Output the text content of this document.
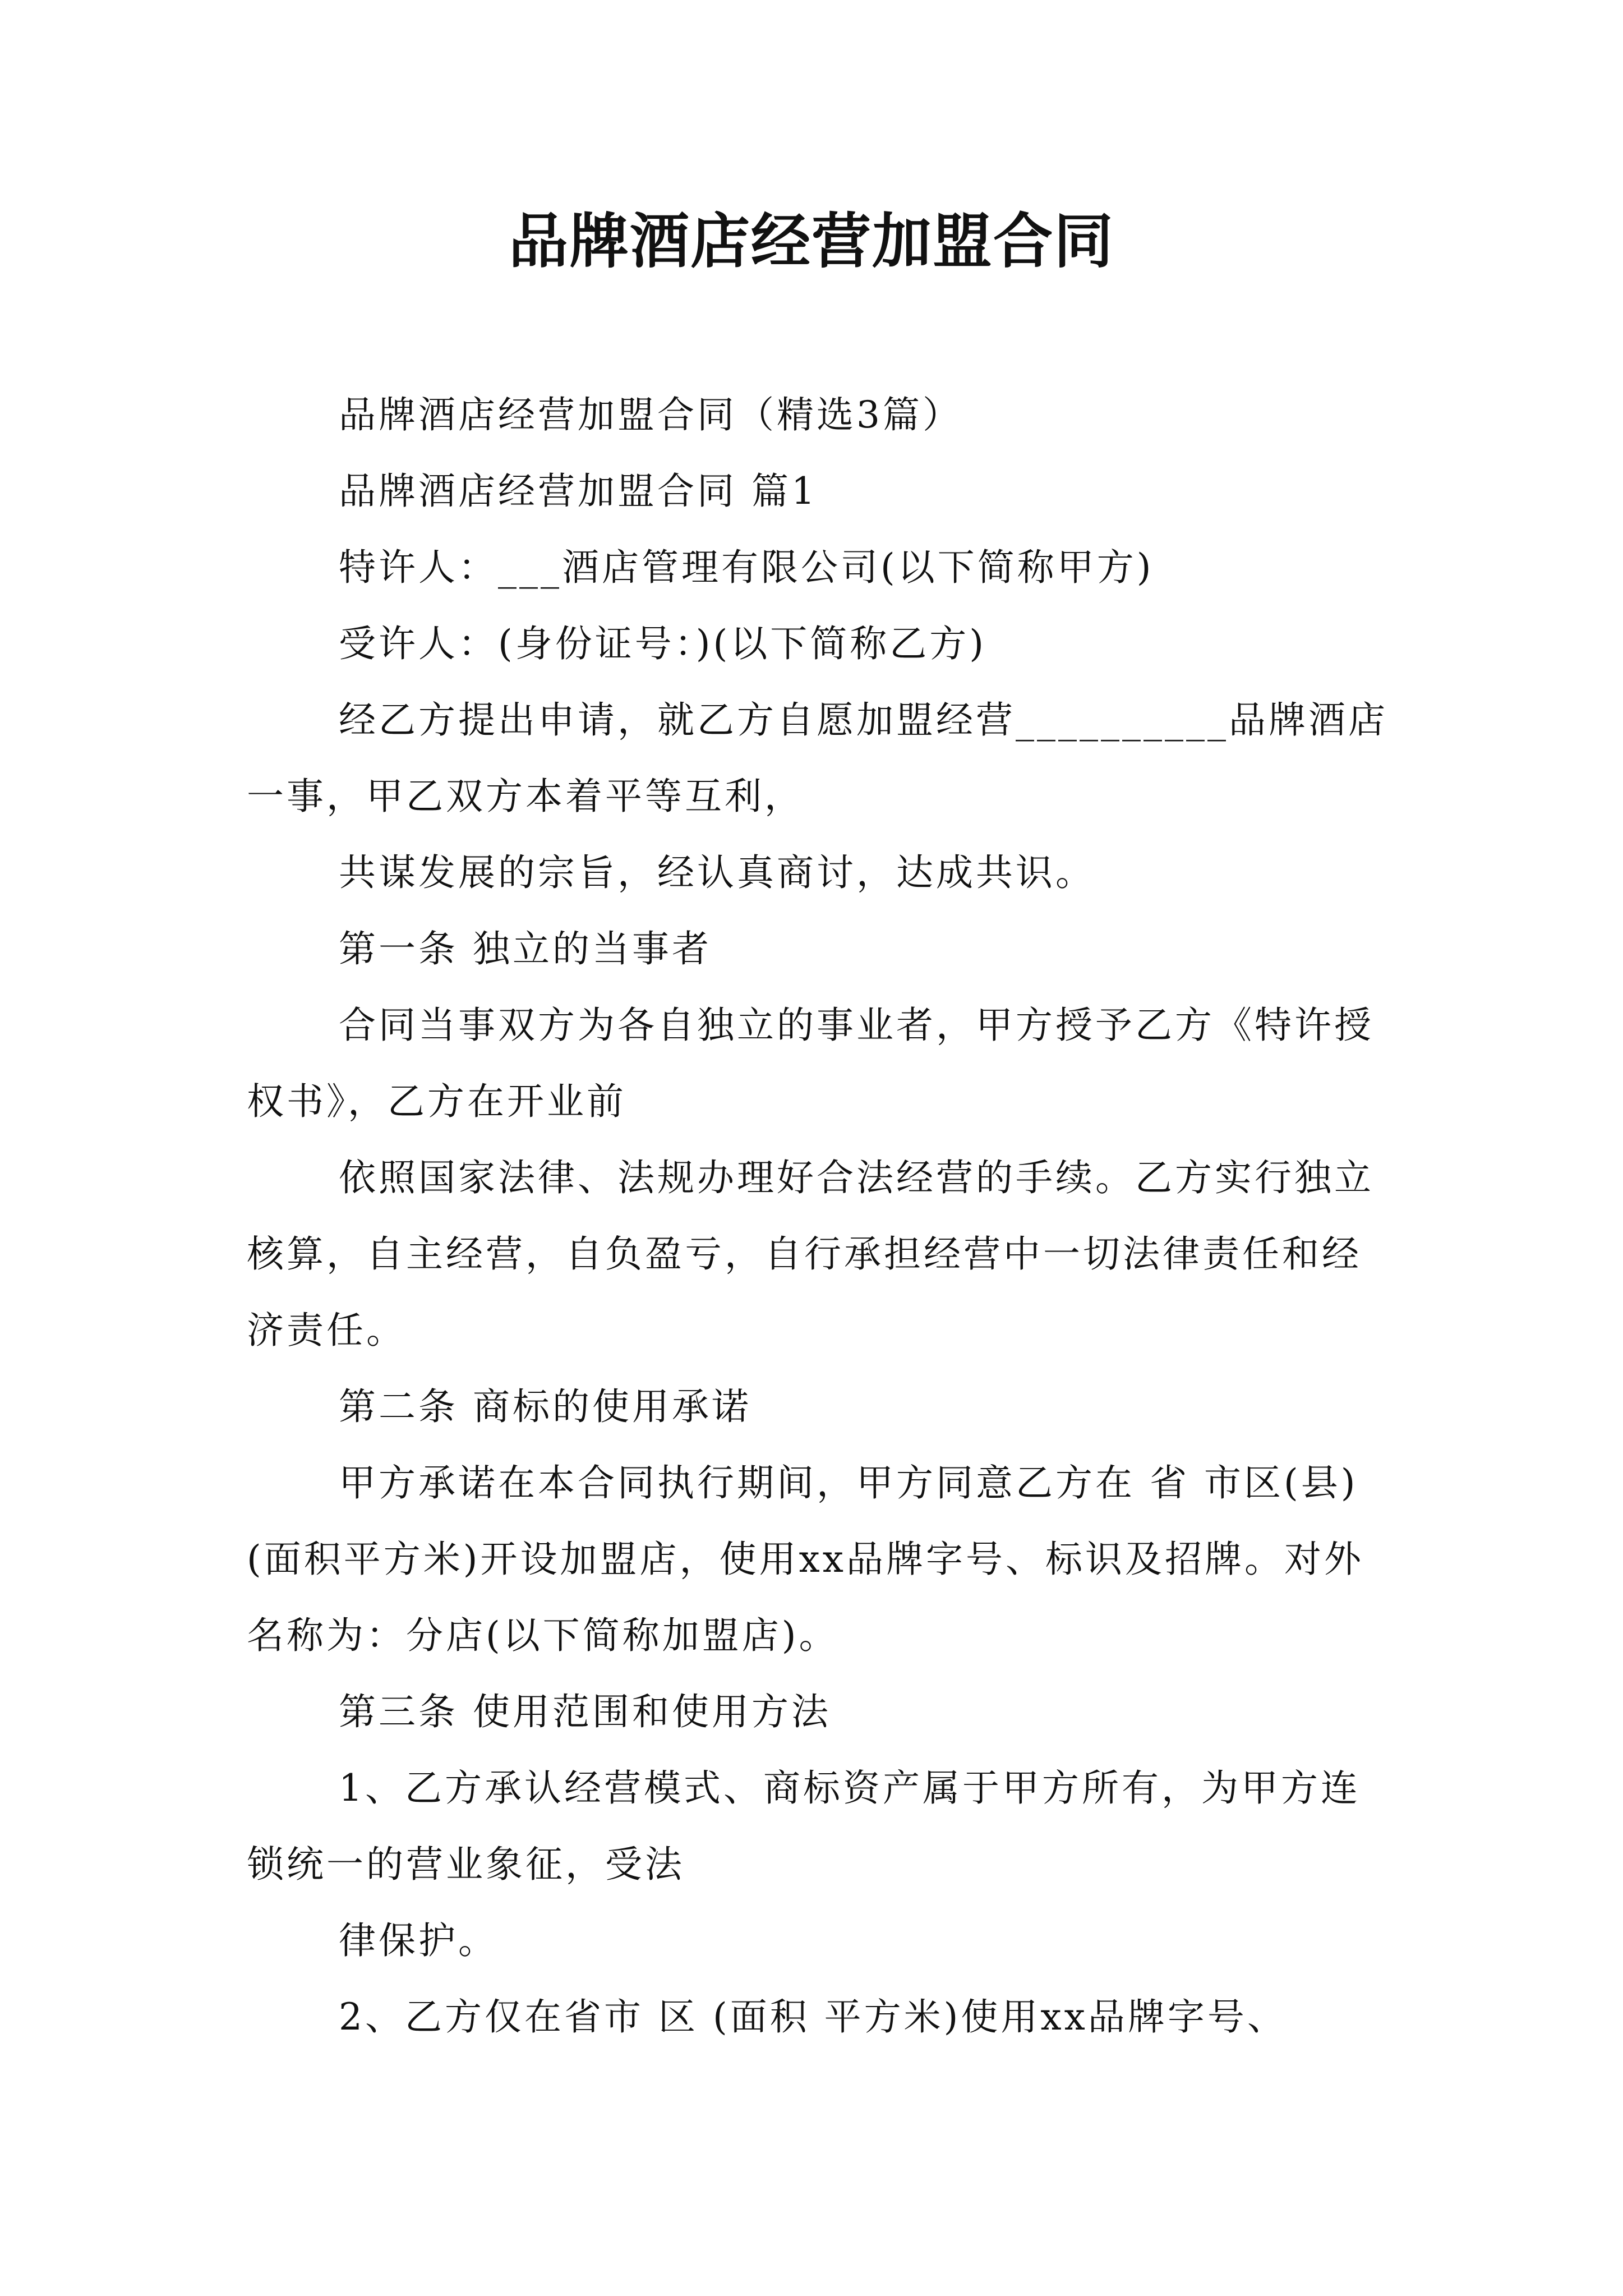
品牌酒店经营加盟合同

品牌酒店经营加盟合同（精选3篇）

品牌酒店经营加盟合同 篇1

特许人：___酒店管理有限公司(以下简称甲方)

受许人：(身份证号：)(以下简称乙方)

经乙方提出申请，就乙方自愿加盟经营__________品牌酒店一事，甲乙双方本着平等互利，

共谋发展的宗旨，经认真商讨，达成共识。

第一条 独立的当事者

合同当事双方为各自独立的事业者，甲方授予乙方《特许授权书》，乙方在开业前

依照国家法律、法规办理好合法经营的手续。乙方实行独立核算，自主经营，自负盈亏，自行承担经营中一切法律责任和经济责任。

第二条 商标的使用承诺

甲方承诺在本合同执行期间，甲方同意乙方在 省 市区(县)(面积平方米)开设加盟店，使用xx品牌字号、标识及招牌。对外名称为：分店(以下简称加盟店)。

第三条 使用范围和使用方法

1、乙方承认经营模式、商标资产属于甲方所有，为甲方连锁统一的营业象征，受法

律保护。

2、乙方仅在省市 区 (面积 平方米)使用xx品牌字号、
